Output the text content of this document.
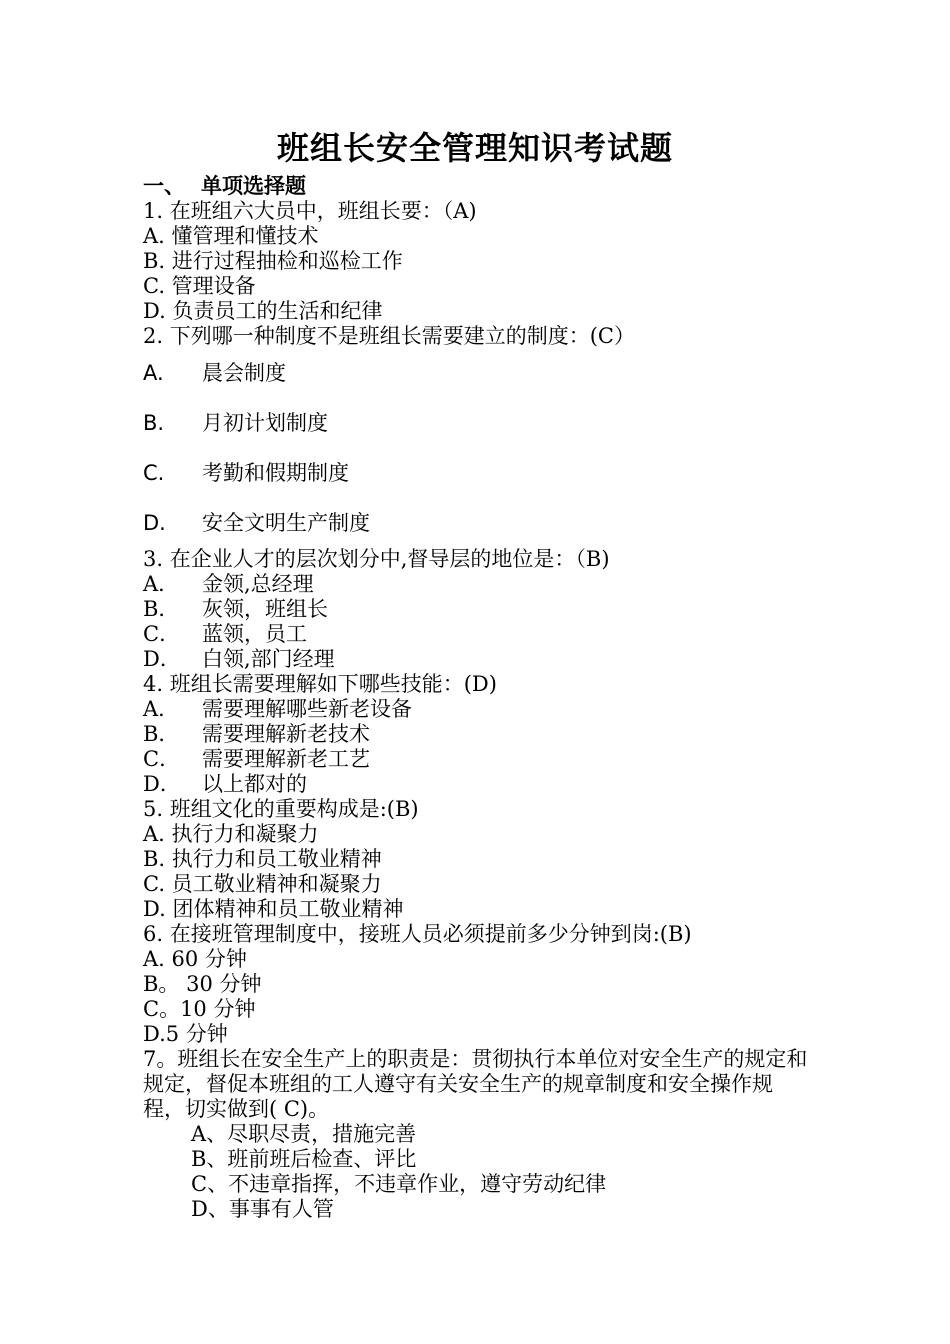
班组长安全管理知识考试题
一、 单项选择题
1. 在班组六大员中，班组长要：（A)
A. 懂管理和懂技术
B. 进行过程抽检和巡检工作
C. 管理设备
D. 负责员工的生活和纪律
2. 下列哪一种制度不是班组长需要建立的制度：(C）
A. 晨会制度
B. 月初计划制度
C. 考勤和假期制度
D. 安全文明生产制度
3. 在企业人才的层次划分中,督导层的地位是：（B)
A． 金领,总经理
B． 灰领，班组长
C． 蓝领，员工
D． 白领,部门经理
4. 班组长需要理解如下哪些技能：(D)
A． 需要理解哪些新老设备
B． 需要理解新老技术
C． 需要理解新老工艺
D． 以上都对的
5. 班组文化的重要构成是:(B)
A. 执行力和凝聚力
B. 执行力和员工敬业精神
C. 员工敬业精神和凝聚力
D. 团体精神和员工敬业精神
6. 在接班管理制度中，接班人员必须提前多少分钟到岗:(B)
A. 60 分钟
B。 30 分钟
C。10 分钟
D.5 分钟
7。班组长在安全生产上的职责是：贯彻执行本单位对安全生产的规定和规定，督促本班组的工人遵守有关安全生产的规章制度和安全操作规程，切实做到( C)。
A、尽职尽责，措施完善
B、班前班后检查、评比
C、不违章指挥，不违章作业，遵守劳动纪律
D、事事有人管
